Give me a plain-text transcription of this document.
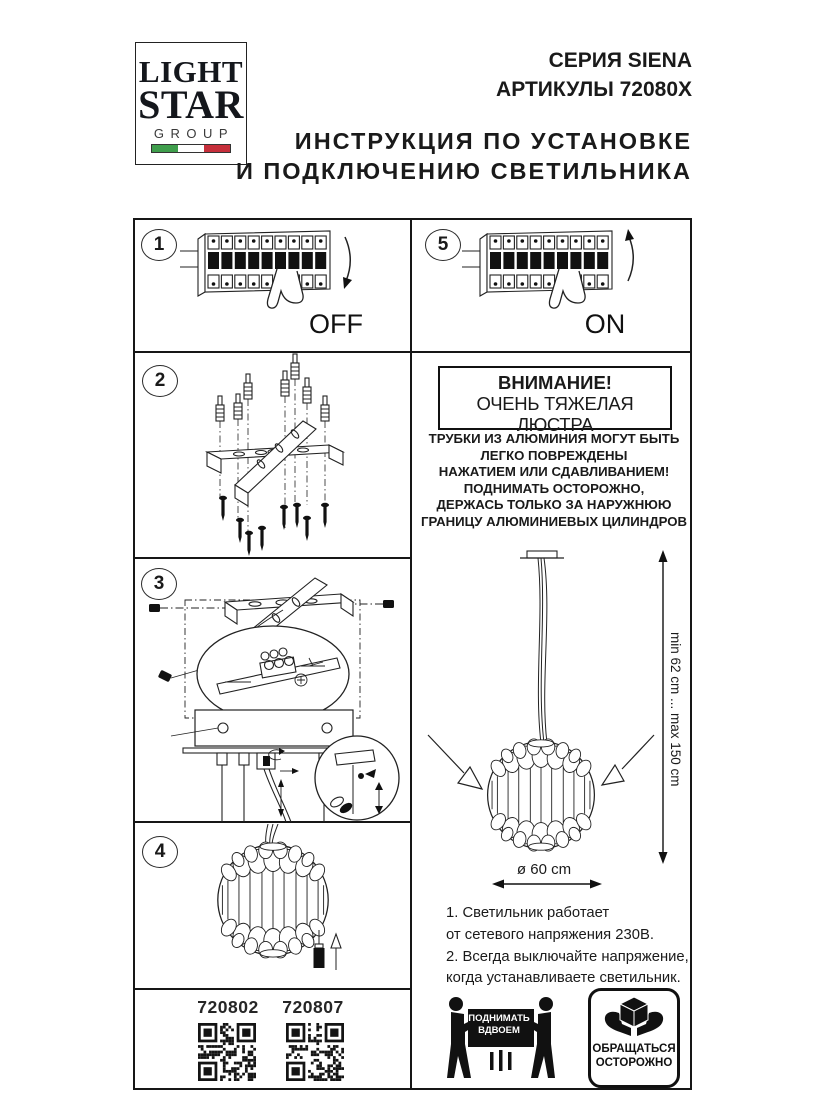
LIGHT
STAR
GROUP
СЕРИЯ SIENA
АРТИКУЛЫ 72080X
ИНСТРУКЦИЯ ПО УСТАНОВКЕ
И ПОДКЛЮЧЕНИЮ СВЕТИЛЬНИКА
1
2
3
4
5
OFF	ON
ВНИМАНИЕ!
ОЧЕНЬ ТЯЖЕЛАЯ ЛЮСТРА
ТРУБКИ ИЗ АЛЮМИНИЯ МОГУТ БЫТЬ
ЛЕГКО ПОВРЕЖДЕНЫ
НАЖАТИЕМ ИЛИ СДАВЛИВАНИЕМ!
ПОДНИМАТЬ ОСТОРОЖНО,
ДЕРЖАСЬ ТОЛЬКО ЗА НАРУЖНЮЮ
ГРАНИЦУ АЛЮМИНИЕВЫХ ЦИЛИНДРОВ
min 62 cm ... max 150 cm
ø 60 cm
1. Светильник работает
от сетевого напряжения 230В.
2. Всегда выключайте напряжение,
когда устанавливаете светильник.
720802	720807
ПОДНИМАТЬ
ВДВОЕМ
ОБРАЩАТЬСЯ
ОСТОРОЖНО
